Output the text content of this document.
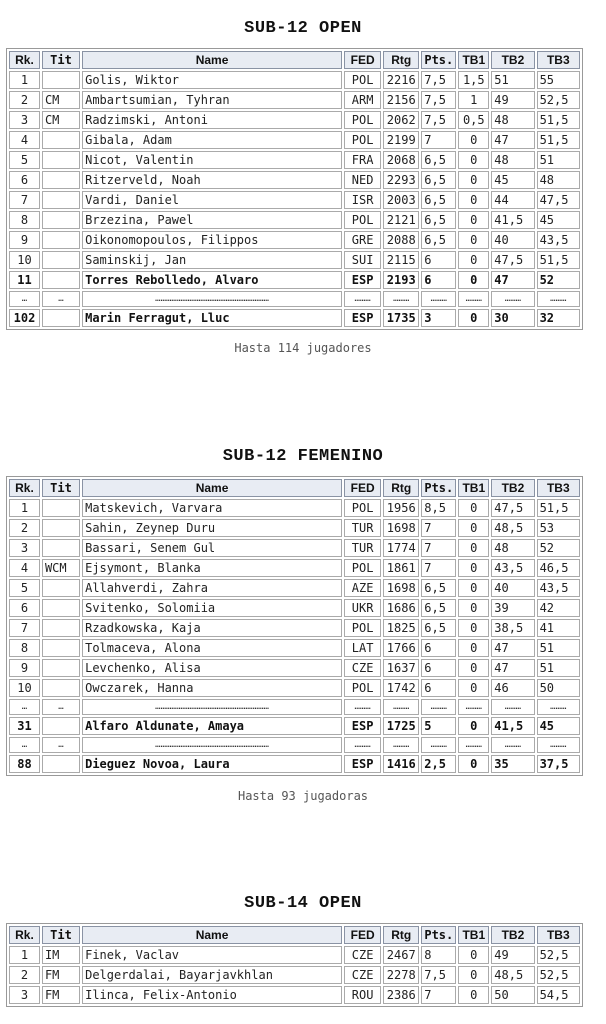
SUB-12 OPEN
Rk.	Tit	Name	FED	Rtg	Pts.	TB1	TB2	TB3
1		Golis, Wiktor	POL	2216	7,5	1,5	51	55
2	CM	Ambartsumian, Tyhran	ARM	2156	7,5	1	49	52,5
3	CM	Radzimski, Antoni	POL	2062	7,5	0,5	48	51,5
4		Gibala, Adam	POL	2199	7	0	47	51,5
5		Nicot, Valentin	FRA	2068	6,5	0	48	51
6		Ritzerveld, Noah	NED	2293	6,5	0	45	48
7		Vardi, Daniel	ISR	2003	6,5	0	44	47,5
8		Brzezina, Pawel	POL	2121	6,5	0	41,5	45
9		Oikonomopoulos, Filippos	GRE	2088	6,5	0	40	43,5
10		Saminskij, Jan	SUI	2115	6	0	47,5	51,5
11		Torres Rebolledo, Alvaro	ESP	2193	6	0	47	52
…	…	………………………………………………………	………	………	………	………	………	………
102		Marin Ferragut, Lluc	ESP	1735	3	0	30	32
Hasta 114 jugadores
SUB-12 FEMENINO
Rk.	Tit	Name	FED	Rtg	Pts.	TB1	TB2	TB3
1		Matskevich, Varvara	POL	1956	8,5	0	47,5	51,5
2		Sahin, Zeynep Duru	TUR	1698	7	0	48,5	53
3		Bassari, Senem Gul	TUR	1774	7	0	48	52
4	WCM	Ejsymont, Blanka	POL	1861	7	0	43,5	46,5
5		Allahverdi, Zahra	AZE	1698	6,5	0	40	43,5
6		Svitenko, Solomiia	UKR	1686	6,5	0	39	42
7		Rzadkowska, Kaja	POL	1825	6,5	0	38,5	41
8		Tolmaceva, Alona	LAT	1766	6	0	47	51
9		Levchenko, Alisa	CZE	1637	6	0	47	51
10		Owczarek, Hanna	POL	1742	6	0	46	50
…	…	………………………………………………………	………	………	………	………	………	………
31		Alfaro Aldunate, Amaya	ESP	1725	5	0	41,5	45
…	…	………………………………………………………	………	………	………	………	………	………
88		Dieguez Novoa, Laura	ESP	1416	2,5	0	35	37,5
Hasta 93 jugadoras
SUB-14 OPEN
Rk.	Tit	Name	FED	Rtg	Pts.	TB1	TB2	TB3
1	IM	Finek, Vaclav	CZE	2467	8	0	49	52,5
2	FM	Delgerdalai, Bayarjavkhlan	CZE	2278	7,5	0	48,5	52,5
3	FM	Ilinca, Felix-Antonio	ROU	2386	7	0	50	54,5
